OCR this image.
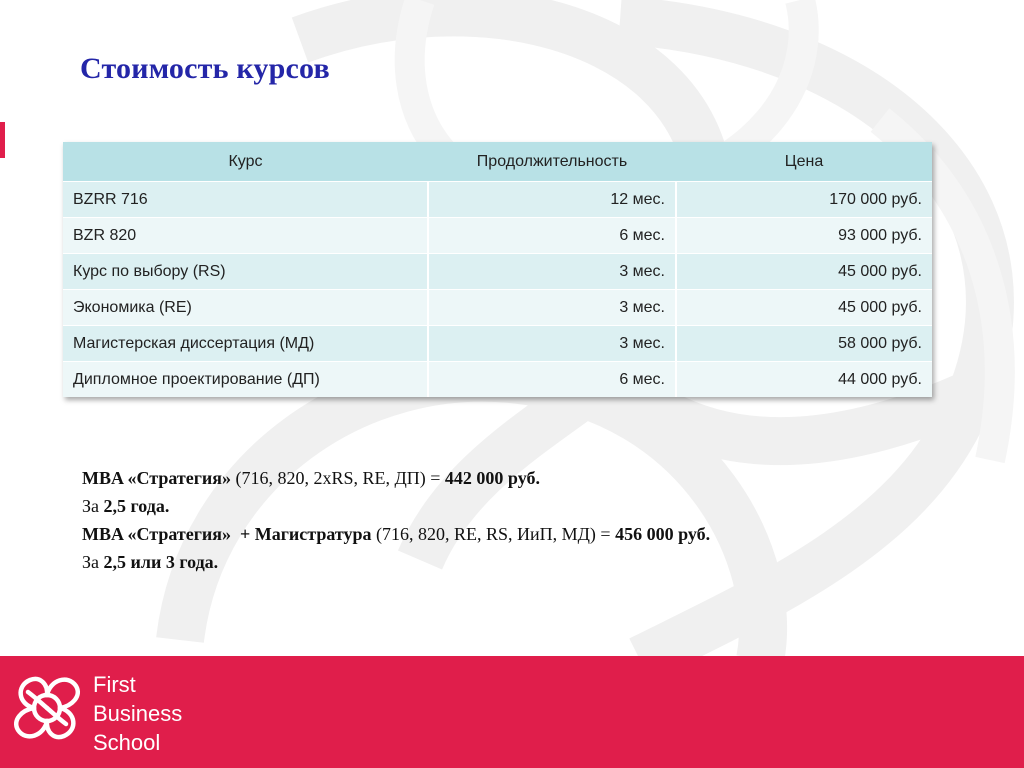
Стоимость курсов
Курс	Продолжительность	Цена
BZRR 716	12 мес.	170 000 руб.
BZR 820	6 мес.	93 000 руб.
Курс по выбору (RS)	3 мес.	45 000 руб.
Экономика (RE)	3 мес.	45 000 руб.
Магистерская диссертация (МД)	3 мес.	58 000 руб.
Дипломное проектирование (ДП)	6 мес.	44 000 руб.
MBA «Стратегия» (716, 820, 2xRS, RE, ДП) = 442 000 руб.
За 2,5 года.
MBA «Стратегия»  + Магистратура (716, 820, RE, RS, ИиП, МД) = 456 000 руб.
За 2,5 или 3 года.
First
Business
School
